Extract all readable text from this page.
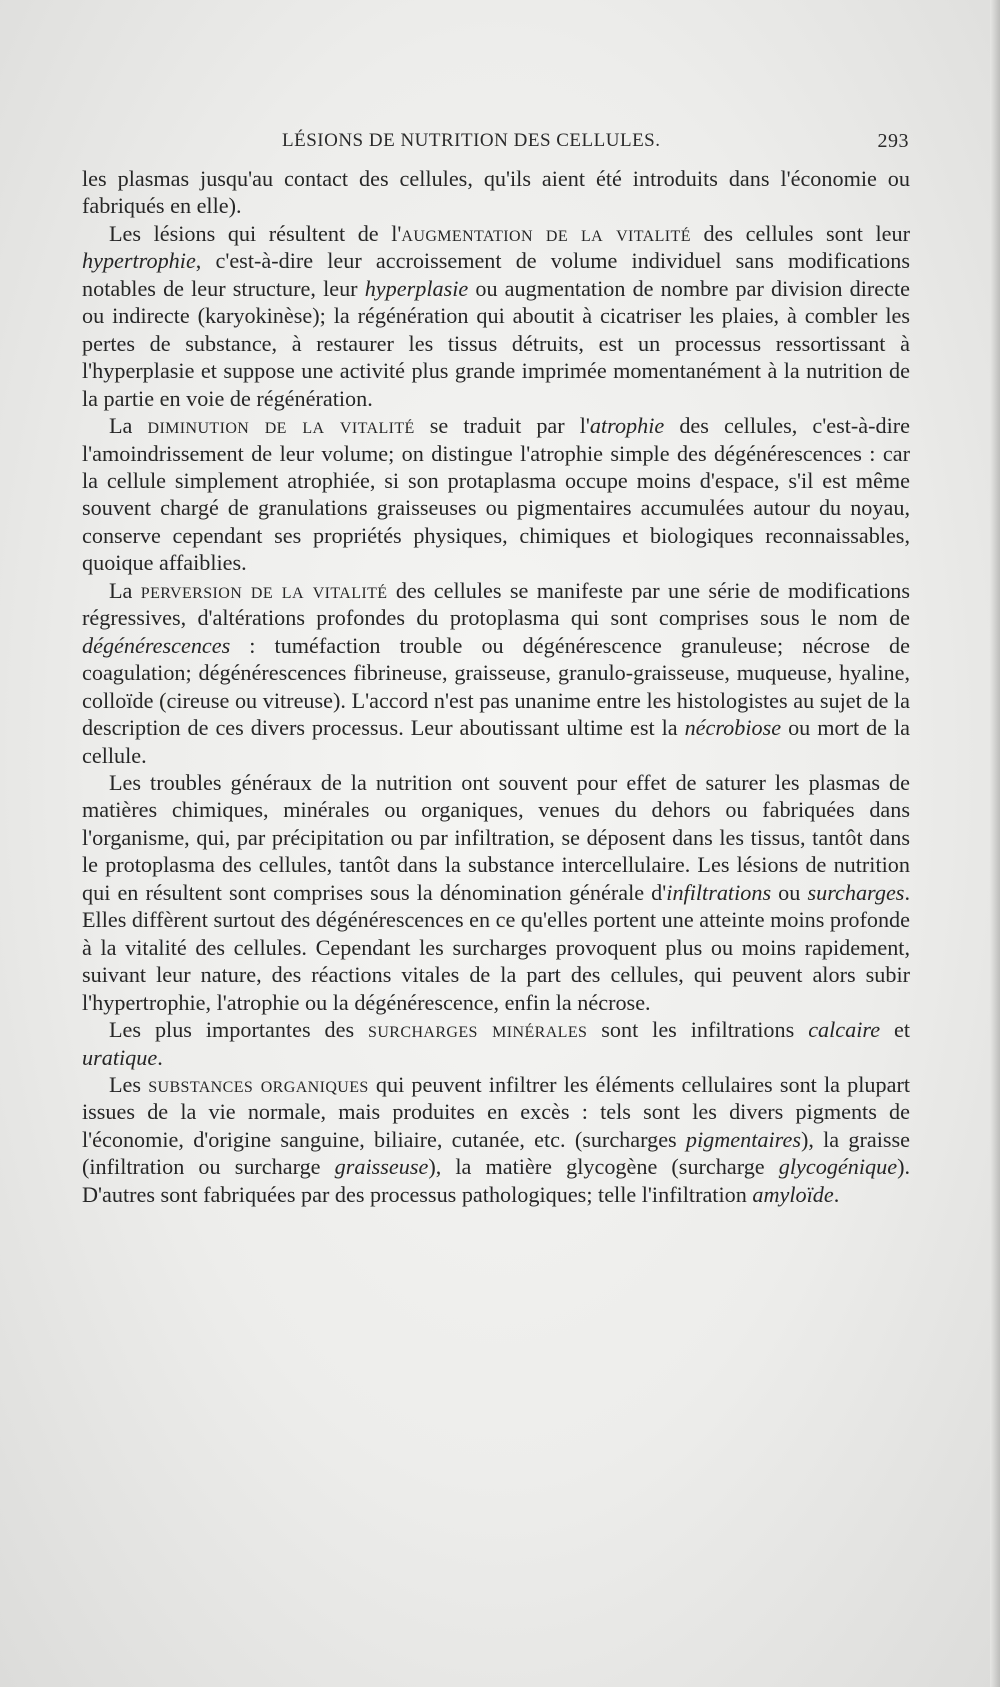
LÉSIONS DE NUTRITION DES CELLULES.	293

les plasmas jusqu'au contact des cellules, qu'ils aient été introduits dans l'économie ou fabriqués en elle).

Les lésions qui résultent de l'augmentation de la vitalité des cellules sont leur hypertrophie, c'est-à-dire leur accroissement de volume individuel sans modifications notables de leur structure, leur hyperplasie ou augmentation de nombre par division directe ou indirecte (karyokinèse); la régénération qui aboutit à cicatriser les plaies, à combler les pertes de substance, à restaurer les tissus détruits, est un processus ressortissant à l'hyperplasie et suppose une activité plus grande imprimée momentanément à la nutrition de la partie en voie de régénération.

La diminution de la vitalité se traduit par l'atrophie des cellules, c'est-à-dire l'amoindrissement de leur volume; on distingue l'atrophie simple des dégénérescences : car la cellule simplement atrophiée, si son protaplasma occupe moins d'espace, s'il est même souvent chargé de granulations graisseuses ou pigmentaires accumulées autour du noyau, conserve cependant ses propriétés physiques, chimiques et biologiques reconnaissables, quoique affaiblies.

La perversion de la vitalité des cellules se manifeste par une série de modifications régressives, d'altérations profondes du protoplasma qui sont comprises sous le nom de dégénérescences : tuméfaction trouble ou dégénérescence granuleuse; nécrose de coagulation; dégénérescences fibrineuse, graisseuse, granulo-graisseuse, muqueuse, hyaline, colloïde (cireuse ou vitreuse). L'accord n'est pas unanime entre les histologistes au sujet de la description de ces divers processus. Leur aboutissant ultime est la nécrobiose ou mort de la cellule.

Les troubles généraux de la nutrition ont souvent pour effet de saturer les plasmas de matières chimiques, minérales ou organiques, venues du dehors ou fabriquées dans l'organisme, qui, par précipitation ou par infiltration, se déposent dans les tissus, tantôt dans le protoplasma des cellules, tantôt dans la substance intercellulaire. Les lésions de nutrition qui en résultent sont comprises sous la dénomination générale d'infiltrations ou surcharges. Elles diffèrent surtout des dégénérescences en ce qu'elles portent une atteinte moins profonde à la vitalité des cellules. Cependant les surcharges provoquent plus ou moins rapidement, suivant leur nature, des réactions vitales de la part des cellules, qui peuvent alors subir l'hypertrophie, l'atrophie ou la dégénérescence, enfin la nécrose.

Les plus importantes des surcharges minérales sont les infiltrations calcaire et uratique.

Les substances organiques qui peuvent infiltrer les éléments cellulaires sont la plupart issues de la vie normale, mais produites en excès : tels sont les divers pigments de l'économie, d'origine sanguine, biliaire, cutanée, etc. (surcharges pigmentaires), la graisse (infiltration ou surcharge graisseuse), la matière glycogène (surcharge glycogénique). D'autres sont fabriquées par des processus pathologiques; telle l'infiltration amyloïde.
